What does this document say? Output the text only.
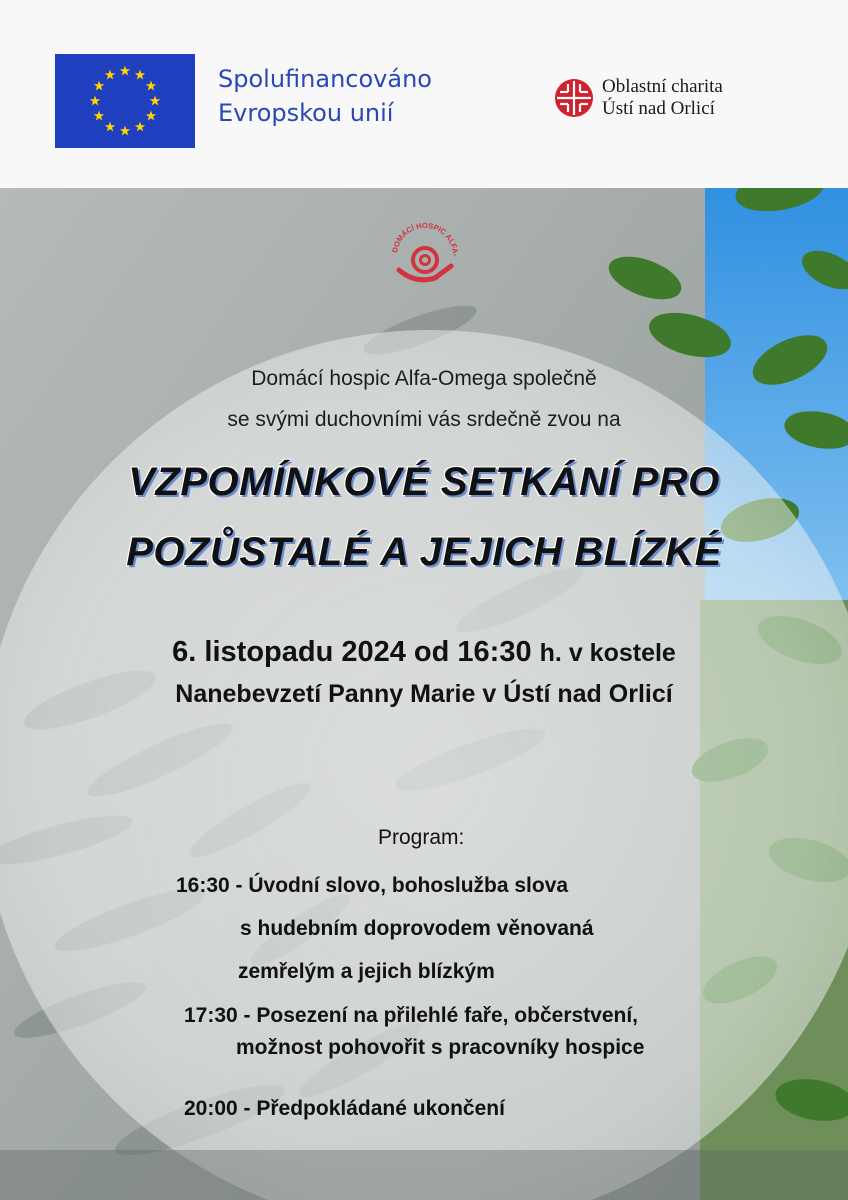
Spolufinancováno
Evropskou unií
Oblastní charita
Ústí nad Orlicí
DOMÁCÍ HOSPIC ALFA-
Domácí hospic Alfa-Omega společně
se svými duchovními vás srdečně zvou na
VZPOMÍNKOVÉ SETKÁNÍ PRO
POZŮSTALÉ A JEJICH BLÍZKÉ
6. listopadu 2024 od 16:30 h. v kostele
Nanebevzetí Panny Marie v Ústí nad Orlicí
Program:
16:30 - Úvodní slovo, bohoslužba slova
s hudebním doprovodem věnovaná
zemřelým a jejich blízkým
17:30 - Posezení na přilehlé faře, občerstvení,
možnost pohovořit s pracovníky hospice
20:00 - Předpokládané ukončení
